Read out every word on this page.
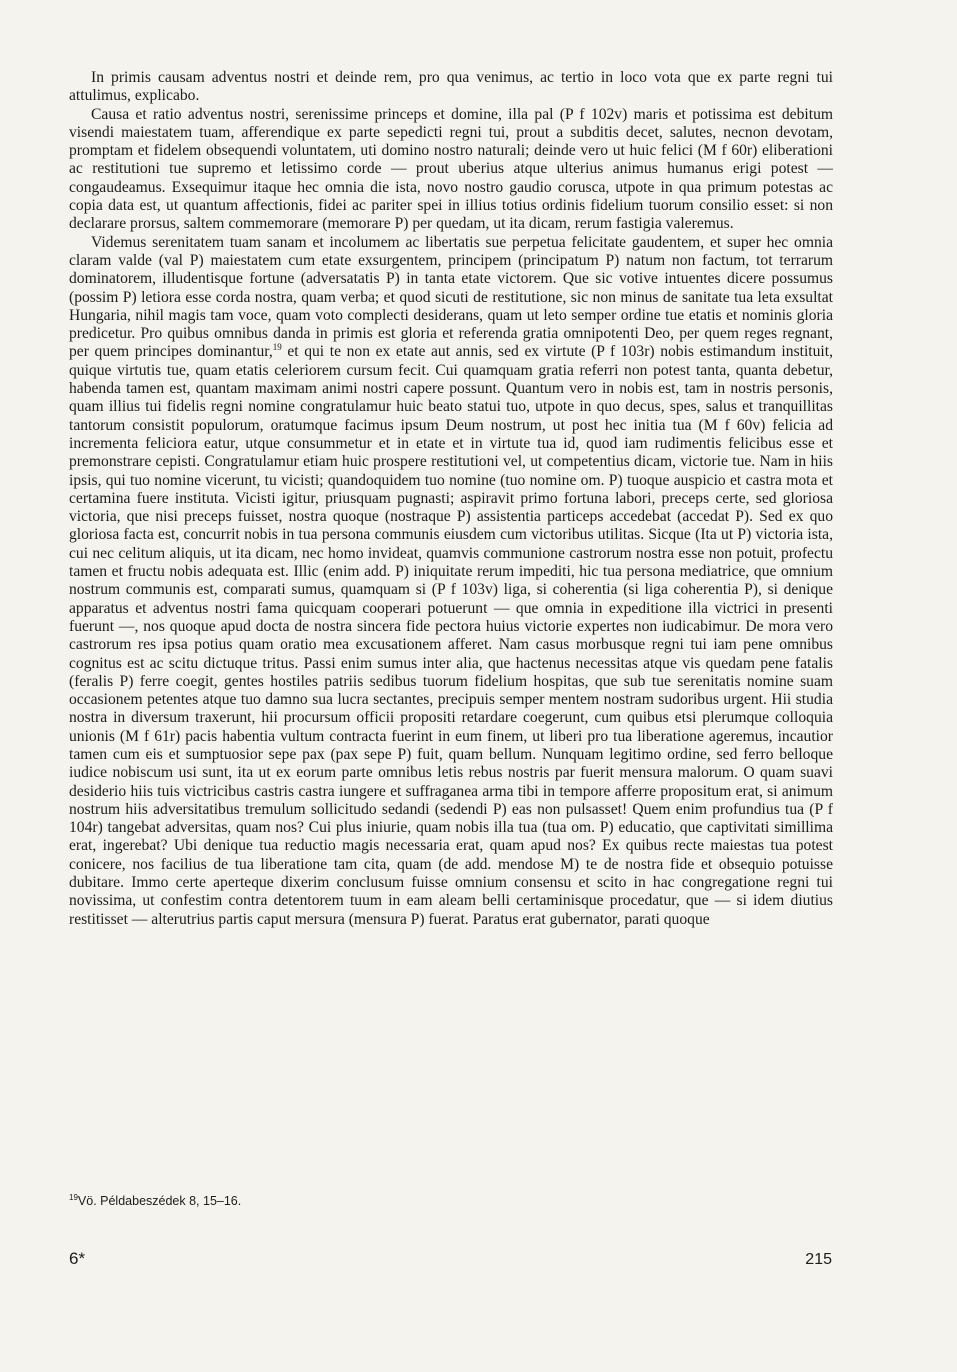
In primis causam adventus nostri et deinde rem, pro qua venimus, ac tertio in loco vota que ex parte regni tui attulimus, explicabo.

Causa et ratio adventus nostri, serenissime princeps et domine, illa pal (P f 102v) maris et potissima est debitum visendi maiestatem tuam, afferendique ex parte sepedicti regni tui, prout a subditis decet, salutes, necnon devotam, promptam et fidelem obsequendi voluntatem, uti domino nostro naturali; deinde vero ut huic felici (M f 60r) eliberationi ac restitutioni tue supremo et letissimo corde — prout uberius atque ulterius animus humanus erigi potest — congaudeamus. Exsequimur itaque hec omnia die ista, novo nostro gaudio corusca, utpote in qua primum potestas ac copia data est, ut quantum affectionis, fidei ac pariter spei in illius totius ordinis fidelium tuorum consilio esset: si non declarare prorsus, saltem commemorare (memorare P) per quedam, ut ita dicam, rerum fastigia valeremus.

Videmus serenitatem tuam sanam et incolumem ac libertatis sue perpetua felicitate gaudentem, et super hec omnia claram valde (val P) maiestatem cum etate exsurgentem, principem (principatum P) natum non factum, tot terrarum dominatorem, illudentisque fortune (adversatatis P) in tanta etate victorem. Que sic votive intuentes dicere possumus (possim P) letiora esse corda nostra, quam verba; et quod sicuti de restitutione, sic non minus de sanitate tua leta exsultat Hungaria, nihil magis tam voce, quam voto complecti desiderans, quam ut leto semper ordine tue etatis et nominis gloria predicetur. Pro quibus omnibus danda in primis est gloria et referenda gratia omnipotenti Deo, per quem reges regnant, per quem principes dominantur,$^{19}$ et qui te non ex etate aut annis, sed ex virtute (P f 103r) nobis estimandum instituit, quique virtutis tue, quam etatis celeriorem cursum fecit. Cui quamquam gratia referri non potest tanta, quanta debetur, habenda tamen est, quantam maximam animi nostri capere possunt. Quantum vero in nobis est, tam in nostris personis, quam illius tui fidelis regni nomine congratulamur huic beato statui tuo, utpote in quo decus, spes, salus et tranquillitas tantorum consistit populorum, oratumque facimus ipsum Deum nostrum, ut post hec initia tua (M f 60v) felicia ad incrementa feliciora eatur, utque consummetur et in etate et in virtute tua id, quod iam rudimentis felicibus esse et premonstrare cepisti. Congratulamur etiam huic prospere restitutioni vel, ut competentius dicam, victorie tue. Nam in hiis ipsis, qui tuo nomine vicerunt, tu vicisti; quandoquidem tuo nomine (tuo nomine om. P) tuoque auspicio et castra mota et certamina fuere instituta. Vicisti igitur, priusquam pugnasti; aspiravit primo fortuna labori, preceps certe, sed gloriosa victoria, que nisi preceps fuisset, nostra quoque (nostraque P) assistentia particeps accedebat (accedat P). Sed ex quo gloriosa facta est, concurrit nobis in tua persona communis eiusdem cum victoribus utilitas. Sicque (Ita ut P) victoria ista, cui nec celitum aliquis, ut ita dicam, nec homo invideat, quamvis communione castrorum nostra esse non potuit, profectu tamen et fructu nobis adequata est. Illic (enim add. P) iniquitate rerum impediti, hic tua persona mediatrice, que omnium nostrum communis est, comparati sumus, quamquam si (P f 103v) liga, si coherentia (si ligа coherentia P), si denique apparatus et adventus nostri fama quicquam cooperari potuerunt — que omnia in expeditione illa victrici in presenti fuerunt —, nos quoque apud docta de nostra sincera fide pectora huius victorie expertes non iudicabimur. De mora vero castrorum res ipsa potius quam oratio mea excusationem afferet. Nam casus morbusque regni tui iam pene omnibus cognitus est ac scitu dictuque tritus. Passi enim sumus inter alia, que hactenus necessitas atque vis quedam pene fatalis (feralis P) ferre coegit, gentes hostiles patriis sedibus tuorum fidelium hospitas, que sub tue serenitatis nomine suam occasionem petentes atque tuo damno sua lucra sectantes, precipuis semper mentem nostram sudoribus urgent. Hii studia nostra in diversum traxerunt, hii procursum officii propositi retardare coegerunt, cum quibus etsi plerumque colloquia unionis (M f 61r) pacis habentia vultum contracta fuerint in eum finem, ut liberi pro tua liberatione ageremus, incautior tamen cum eis et sumptuosior sepe pax (pax sepe P) fuit, quam bellum. Nunquam legitimo ordine, sed ferro belloque iudice nobiscum usi sunt, ita ut ex eorum parte omnibus letis rebus nostris par fuerit mensura malorum. O quam suavi desiderio hiis tuis victricibus castris castra iungere et suffraganea arma tibi in tempore afferre propositum erat, si animum nostrum hiis adversitatibus tremulum sollicitudo sedandi (sedendi P) eas non pulsasset! Quem enim profundius tua (P f 104r) tangebat adversitas, quam nos? Cui plus iniurie, quam nobis illa tua (tua om. P) educatio, que captivitati simillima erat, ingerebat? Ubi denique tua reductio magis necessaria erat, quam apud nos? Ex quibus recte maiestas tua potest conicere, nos facilius de tua liberatione tam cita, quam (de add. mendose M) te de nostra fide et obsequio potuisse dubitare. Immo certe aperteque dixerim conclusum fuisse omnium consensu et scito in hac congregatione regni tui novissima, ut confestim contra detentorem tuum in eam aleam belli certaminisque procedatur, que — si idem diutius restitisset — alterutrius partis caput mersura (mensura P) fuerat. Paratus erat gubernator, parati quoque

$^{19}$Vö. Példabeszédek 8, 15–16.
6*	215
